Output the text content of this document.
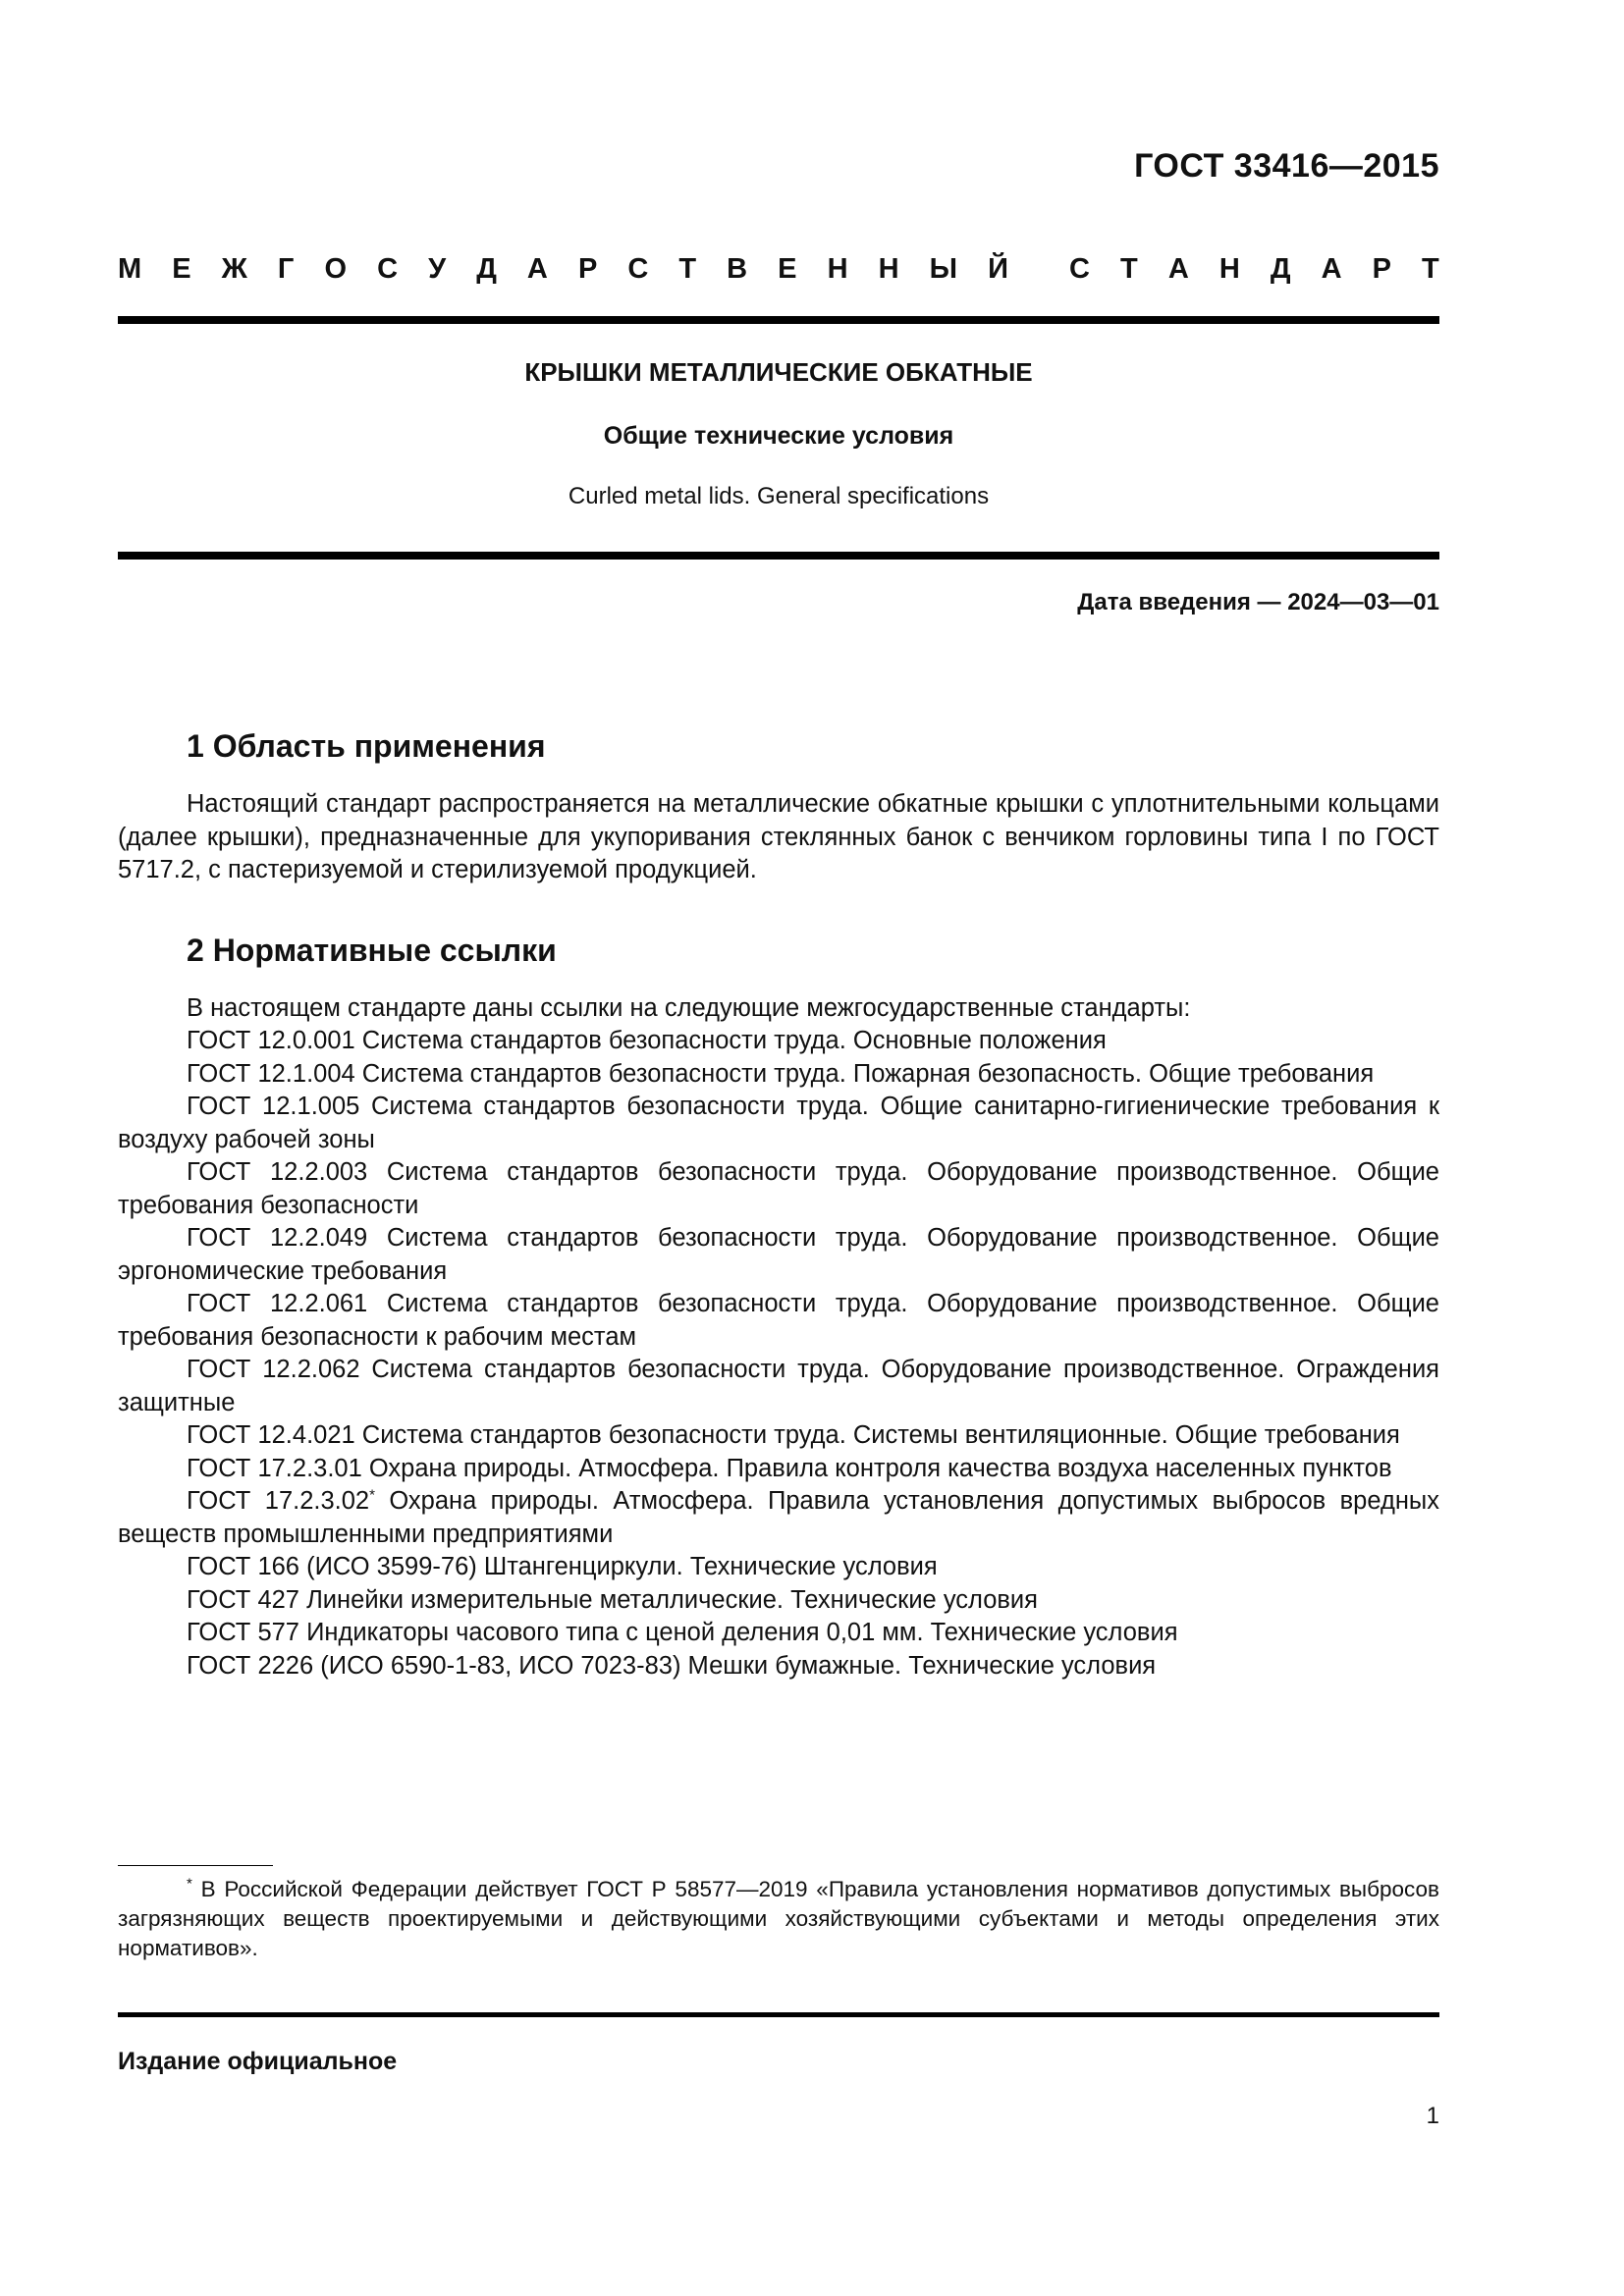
ГОСТ 33416—2015
М Е Ж Г О С У Д А Р С Т В Е Н Н Ы Й С Т А Н Д А Р Т
КРЫШКИ МЕТАЛЛИЧЕСКИЕ ОБКАТНЫЕ
Общие технические условия
Curled metal lids. General specifications
Дата введения — 2024—03—01
1 Область применения

Настоящий стандарт распространяется на металлические обкатные крышки с уплотнительными кольцами (далее крышки), предназначенные для укупоривания стеклянных банок с венчиком горловины типа I по ГОСТ 5717.2, с пастеризуемой и стерилизуемой продукцией.

2 Нормативные ссылки

В настоящем стандарте даны ссылки на следующие межгосударственные стандарты:

ГОСТ 12.0.001 Система стандартов безопасности труда. Основные положения

ГОСТ 12.1.004 Система стандартов безопасности труда. Пожарная безопасность. Общие требования

ГОСТ 12.1.005 Система стандартов безопасности труда. Общие санитарно-гигиенические требования к воздуху рабочей зоны

ГОСТ 12.2.003 Система стандартов безопасности труда. Оборудование производственное. Общие требования безопасности

ГОСТ 12.2.049 Система стандартов безопасности труда. Оборудование производственное. Общие эргономические требования

ГОСТ 12.2.061 Система стандартов безопасности труда. Оборудование производственное. Общие требования безопасности к рабочим местам

ГОСТ 12.2.062 Система стандартов безопасности труда. Оборудование производственное. Ограждения защитные

ГОСТ 12.4.021 Система стандартов безопасности труда. Системы вентиляционные. Общие требования

ГОСТ 17.2.3.01 Охрана природы. Атмосфера. Правила контроля качества воздуха населенных пунктов

ГОСТ 17.2.3.02* Охрана природы. Атмосфера. Правила установления допустимых выбросов вредных веществ промышленными предприятиями

ГОСТ 166 (ИСО 3599-76) Штангенциркули. Технические условия

ГОСТ 427 Линейки измерительные металлические. Технические условия

ГОСТ 577 Индикаторы часового типа с ценой деления 0,01 мм. Технические условия

ГОСТ 2226 (ИСО 6590-1-83, ИСО 7023-83) Мешки бумажные. Технические условия

* В Российской Федерации действует ГОСТ Р 58577—2019 «Правила установления нормативов допустимых выбросов загрязняющих веществ проектируемыми и действующими хозяйствующими субъектами и методы определения этих нормативов».
Издание официальное
1
